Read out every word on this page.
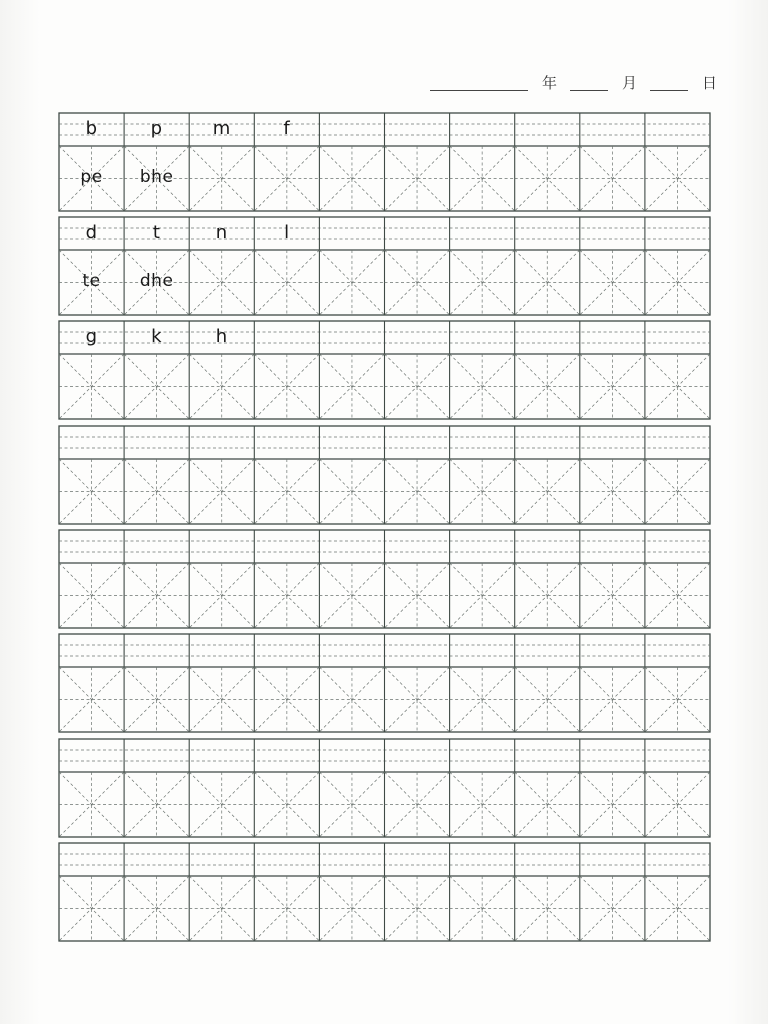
年	月	日
b	p	m	f
pe	bhe
d	t	n	l
te	dhe
g	k	h
